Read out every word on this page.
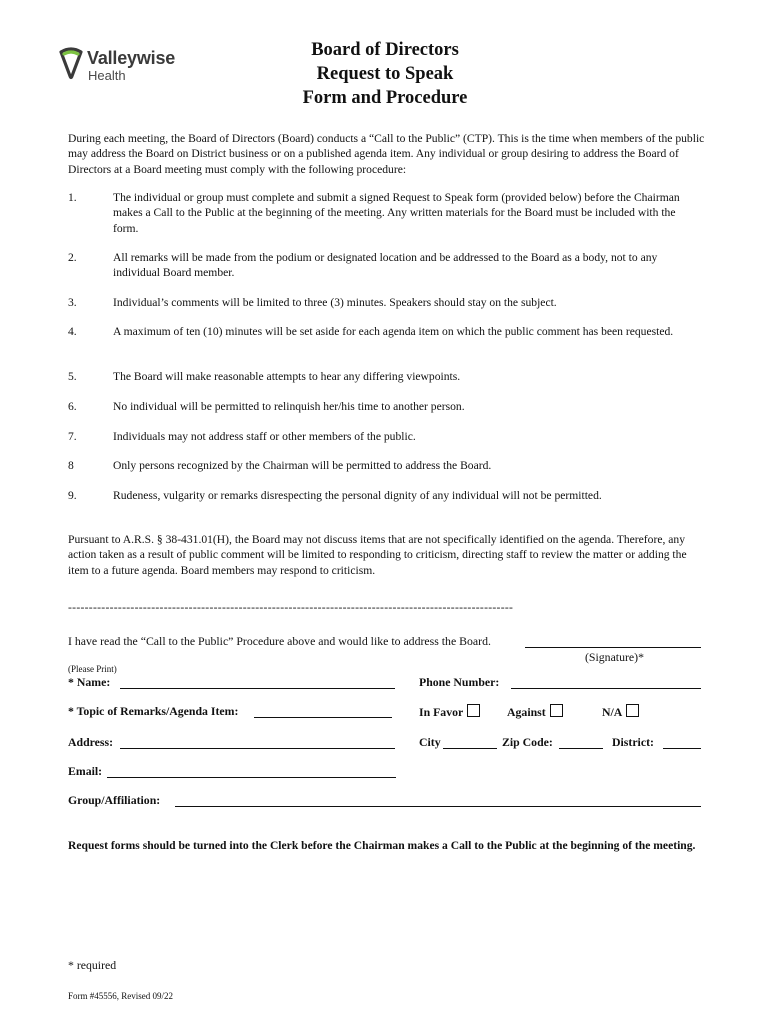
Valleywise
Health
Board of Directors
Request to Speak
Form and Procedure
During each meeting, the Board of Directors (Board) conducts a “Call to the Public” (CTP). This is the time when members of the public may address the Board on District business or on a published agenda item. Any individual or group desiring to address the Board of Directors at a Board meeting must comply with the following procedure:
1.	The individual or group must complete and submit a signed Request to Speak form (provided below) before the Chairman makes a Call to the Public at the beginning of the meeting. Any written materials for the Board must be included with the form.
2.	All remarks will be made from the podium or designated location and be addressed to the Board as a body, not to any individual Board member.
3.	Individual’s comments will be limited to three (3) minutes. Speakers should stay on the subject.
4.	A maximum of ten (10) minutes will be set aside for each agenda item on which the public comment has been requested.
5.	The Board will make reasonable attempts to hear any differing viewpoints.
6.	No individual will be permitted to relinquish her/his time to another person.
7.	Individuals may not address staff or other members of the public.
8	Only persons recognized by the Chairman will be permitted to address the Board.
9.	Rudeness, vulgarity or remarks disrespecting the personal dignity of any individual will not be permitted.
Pursuant to A.R.S. § 38-431.01(H), the Board may not discuss items that are not specifically identified on the agenda. Therefore, any action taken as a result of public comment will be limited to responding to criticism, directing staff to review the matter or adding the item to a future agenda. Board members may respond to criticism.
-----------------------------------------------------------------------------------------------------------
I have read the “Call to the Public” Procedure above and would like to address the Board.
(Signature)*
(Please Print)
* Name:	Phone Number:
* Topic of Remarks/Agenda Item:	In Favor	Against	N/A
Address:	City	Zip Code:	District:
Email:
Group/Affiliation:
Request forms should be turned into the Clerk before the Chairman makes a Call to the Public at the beginning of the meeting.
* required
Form #45556, Revised 09/22
